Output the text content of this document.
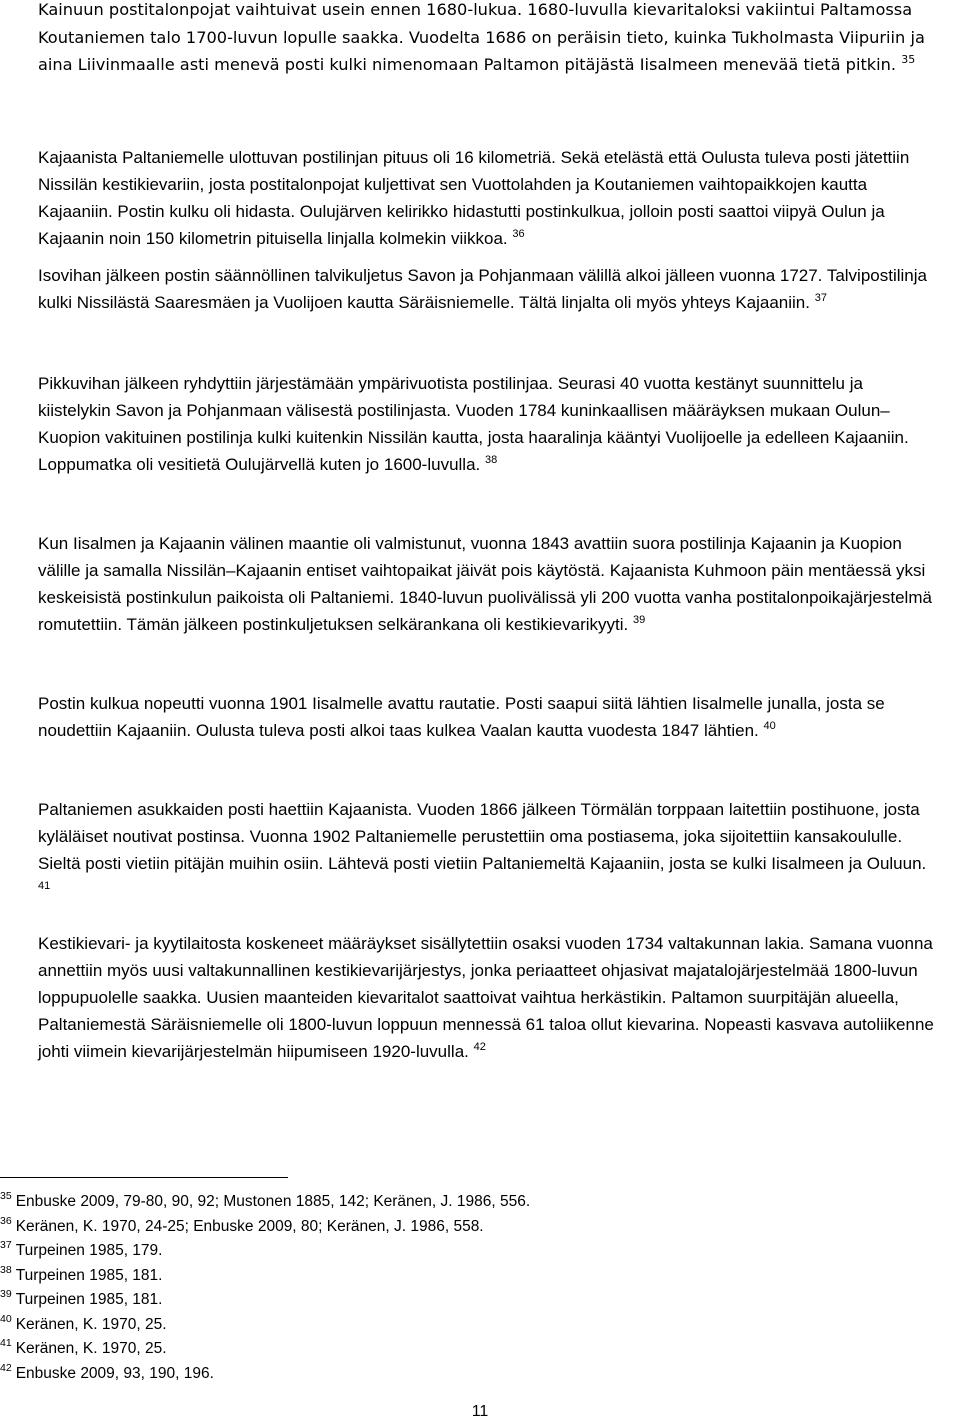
Kainuun postitalonpojat vaihtuivat usein ennen 1680-lukua. 1680-luvulla kievaritaloksi vakiintui Paltamossa Koutaniemen talo 1700-luvun lopulle saakka. Vuodelta 1686 on peräisin tieto, kuinka Tukholmasta Viipuriin ja aina Liivinmaalle asti menevä posti kulki nimenomaan Paltamon pitäjästä Iisalmeen menevää tietä pitkin. $^{35}$

Kajaanista Paltaniemelle ulottuvan postilinjan pituus oli 16 kilometriä. Sekä etelästä että Oulusta tuleva posti jätettiin Nissilän kestikievariin, josta postitalonpojat kuljettivat sen Vuottolahden ja Koutaniemen vaihtopaikkojen kautta Kajaaniin. Postin kulku oli hidasta. Oulujärven kelirikko hidastutti postinkulkua, jolloin posti saattoi viipyä Oulun ja Kajaanin noin 150 kilometrin pituisella linjalla kolmekin viikkoa. $^{36}$

Isovihan jälkeen postin säännöllinen talvikuljetus Savon ja Pohjanmaan välillä alkoi jälleen vuonna 1727. Talvipostilinja kulki Nissilästä Saaresmäen ja Vuolijoen kautta Säräisniemelle. Tältä linjalta oli myös yhteys Kajaaniin. $^{37}$

Pikkuvihan jälkeen ryhdyttiin järjestämään ympärivuotista postilinjaa. Seurasi 40 vuotta kestänyt suunnittelu ja kiistelykin Savon ja Pohjanmaan välisestä postilinjasta. Vuoden 1784 kuninkaallisen määräyksen mukaan Oulun–Kuopion vakituinen postilinja kulki kuitenkin Nissilän kautta, josta haaralinja kääntyi Vuolijoelle ja edelleen Kajaaniin. Loppumatka oli vesitietä Oulujärvellä kuten jo 1600-luvulla. $^{38}$

Kun Iisalmen ja Kajaanin välinen maantie oli valmistunut, vuonna 1843 avattiin suora postilinja Kajaanin ja Kuopion välille ja samalla Nissilän–Kajaanin entiset vaihtopaikat jäivät pois käytöstä. Kajaanista Kuhmoon päin mentäessä yksi keskeisistä postinkulun paikoista oli Paltaniemi. 1840-luvun puolivälissä yli 200 vuotta vanha postitalonpoikajärjestelmä romutettiin. Tämän jälkeen postinkuljetuksen selkärankana oli kestikievarikyyti. $^{39}$

Postin kulkua nopeutti vuonna 1901 Iisalmelle avattu rautatie. Posti saapui siitä lähtien Iisalmelle junalla, josta se noudettiin Kajaaniin. Oulusta tuleva posti alkoi taas kulkea Vaalan kautta vuodesta 1847 lähtien. $^{40}$

Paltaniemen asukkaiden posti haettiin Kajaanista. Vuoden 1866 jälkeen Törmälän torppaan laitettiin postihuone, josta kyläläiset noutivat postinsa. Vuonna 1902 Paltaniemelle perustettiin oma postiasema, joka sijoitettiin kansakoululle. Sieltä posti vietiin pitäjän muihin osiin. Lähtevä posti vietiin Paltaniemeltä Kajaaniin, josta se kulki Iisalmeen ja Ouluun. $^{41}$

Kestikievari- ja kyytilaitosta koskeneet määräykset sisällytettiin osaksi vuoden 1734 valtakunnan lakia. Samana vuonna annettiin myös uusi valtakunnallinen kestikievarijärjestys, jonka periaatteet ohjasivat majatalojärjestelmää 1800-luvun loppupuolelle saakka. Uusien maanteiden kievaritalot saattoivat vaihtua herkästikin. Paltamon suurpitäjän alueella, Paltaniemestä Säräisniemelle oli 1800-luvun loppuun mennessä 61 taloa ollut kievarina. Nopeasti kasvava autoliikenne johti viimein kievarijärjestelmän hiipumiseen 1920-luvulla. $^{42}$

$^{35}$ Enbuske 2009, 79-80, 90, 92; Mustonen 1885, 142; Keränen, J. 1986, 556.
$^{36}$ Keränen, K. 1970, 24-25; Enbuske 2009, 80; Keränen, J. 1986, 558.
$^{37}$ Turpeinen 1985, 179.
$^{38}$ Turpeinen 1985, 181.
$^{39}$ Turpeinen 1985, 181.
$^{40}$ Keränen, K. 1970, 25.
$^{41}$ Keränen, K. 1970, 25.
$^{42}$ Enbuske 2009, 93, 190, 196.
11
